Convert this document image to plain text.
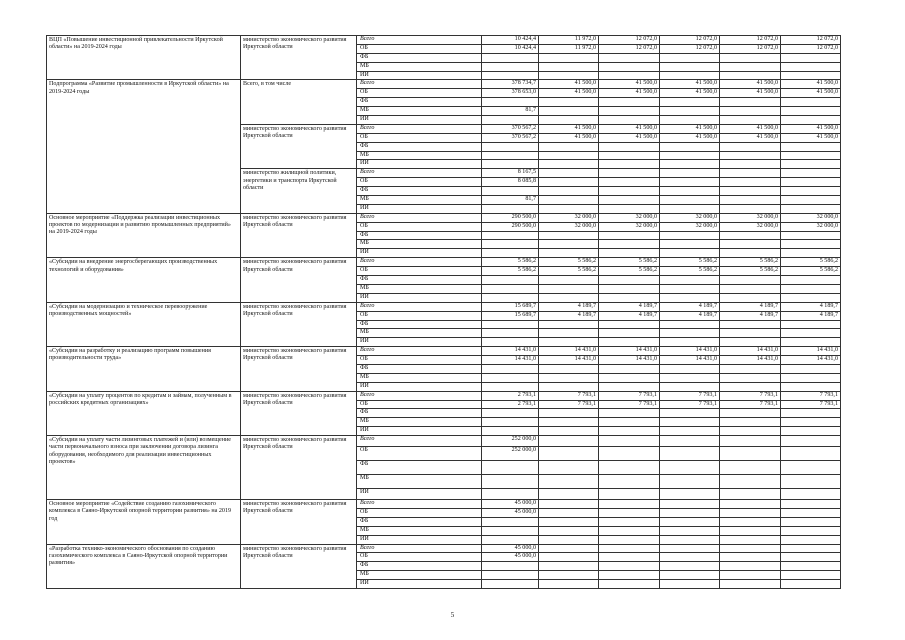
ВЦП «Повышение инвестиционной привлекательности Иркутской области» на 2019-2024 годы	министерство экономического развития Иркутской области	Всего	10 424,4	11 972,0	12 072,0	12 072,0	12 072,0	12 072,0
		ОБ	10 424,4	11 972,0	12 072,0	12 072,0	12 072,0	12 072,0
		ФБ						
		МБ						
		ИИ						
Подпрограмма «Развитие промышленности в Иркутской области» на 2019-2024 годы	Всего, в том числе	Всего	378 734,7	41 500,0	41 500,0	41 500,0	41 500,0	41 500,0
		ОБ	378 653,0	41 500,0	41 500,0	41 500,0	41 500,0	41 500,0
		ФБ						
		МБ	81,7					
		ИИ						
	министерство экономического развития Иркутской области	Всего	370 567,2	41 500,0	41 500,0	41 500,0	41 500,0	41 500,0
		ОБ	370 567,2	41 500,0	41 500,0	41 500,0	41 500,0	41 500,0
		ФБ						
		МБ						
		ИИ						
	министерство жилищной политики, энергетики и транспорта Иркутской области	Всего	8 167,5					
		ОБ	8 085,8					
		ФБ						
		МБ	81,7					
		ИИ						
Основное мероприятие «Поддержка реализации инвестиционных проектов по модернизации и развитию промышленных предприятий» на 2019-2024 годы	министерство экономического развития Иркутской области	Всего	290 500,0	32 000,0	32 000,0	32 000,0	32 000,0	32 000,0
		ОБ	290 500,0	32 000,0	32 000,0	32 000,0	32 000,0	32 000,0
		ФБ						
		МБ						
		ИИ						
«Субсидии на внедрение энергосберегающих производственных технологий и оборудования»	министерство экономического развития Иркутской области	Всего	5 586,2	5 586,2	5 586,2	5 586,2	5 586,2	5 586,2
		ОБ	5 586,2	5 586,2	5 586,2	5 586,2	5 586,2	5 586,2
		ФБ						
		МБ						
		ИИ						
«Субсидии на модернизацию и техническое перевооружение производственных мощностей»	министерство экономического развития Иркутской области	Всего	15 689,7	4 189,7	4 189,7	4 189,7	4 189,7	4 189,7
		ОБ	15 689,7	4 189,7	4 189,7	4 189,7	4 189,7	4 189,7
		ФБ						
		МБ						
		ИИ						
«Субсидии на разработку и реализацию программ повышения производительности труда»	министерство экономического развития Иркутской области	Всего	14 431,0	14 431,0	14 431,0	14 431,0	14 431,0	14 431,0
		ОБ	14 431,0	14 431,0	14 431,0	14 431,0	14 431,0	14 431,0
		ФБ						
		МБ						
		ИИ						
«Субсидии на уплату процентов по кредитам и займам, полученным в российских кредитных организациях»	министерство экономического развития Иркутской области	Всего	2 793,1	7 793,1	7 793,1	7 793,1	7 793,1	7 793,1
		ОБ	2 793,1	7 793,1	7 793,1	7 793,1	7 793,1	7 793,1
		ФБ						
		МБ						
		ИИ						
«Субсидии на уплату части лизинговых платежей и (или) возмещение части первоначального взноса при заключении договора лизинга оборудования, необходимого для реализации инвестиционных проектов»	министерство экономического развития Иркутской области	Всего	252 000,0					
		ОБ	252 000,0					
		ФБ						
		МБ						
		ИИ						
Основное мероприятие «Содействие созданию газохимического комплекса в Саяно-Иркутской опорной территории развития» на 2019 год	министерство экономического развития Иркутской области	Всего	45 000,0					
		ОБ	45 000,0					
		ФБ						
		МБ						
		ИИ						
«Разработка технико-экономического обоснования по созданию газохимического комплекса в Саяно-Иркутской опорной территории развития»	министерство экономического развития Иркутской области	Всего	45 000,0					
		ОБ	45 000,0					
		ФБ						
		МБ						
		ИИ						
5
